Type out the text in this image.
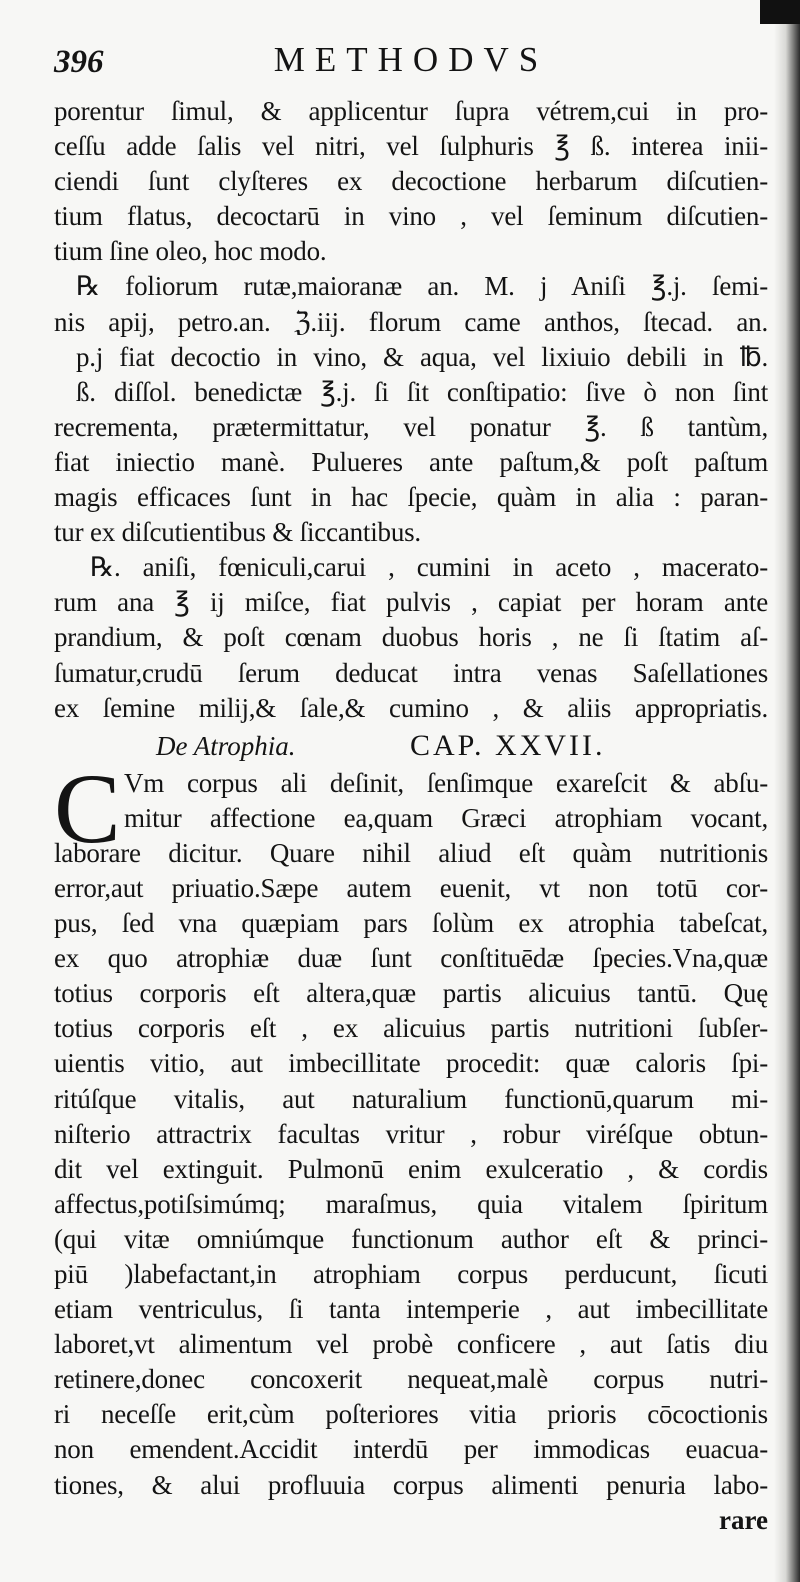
396	METHODVS
porentur ſimul, & applicentur ſupra vétrem,cui in pro-
ceſſu adde ſalis vel nitri, vel ſulphuris ℥ ß. interea inii-
ciendi ſunt clyſteres ex decoctione herbarum diſcutien-
tium flatus, decoctarū in vino , vel ſeminum diſcutien-
tium ſine oleo, hoc modo.
℞ foliorum rutæ,maioranæ an. M. j Aniſi ℥.j. ſemi-
nis apij, petro.an. ℨ.iij. florum came anthos, ſtecad. an.
p.j fiat decoctio in vino, & aqua, vel lixiuio debili in ℔.
ß. diſſol. benedictæ ℥.j. ſi ſit conſtipatio: ſive ò non ſint
recrementa, prætermittatur, vel ponatur ℥. ß tantùm,
fiat iniectio manè. Pulueres ante paſtum,& poſt paſtum
magis efficaces ſunt in hac ſpecie, quàm in alia : paran-
tur ex diſcutientibus & ſiccantibus.
℞. aniſi, fœniculi,carui , cumini in aceto , macerato-
rum ana ℥ ij miſce, fiat pulvis , capiat per horam ante
prandium, & poſt cœnam duobus horis , ne ſi ſtatim aſ-
ſumatur,crudū ſerum deducat intra venas Saſellationes
ex ſemine milij,& ſale,& cumino , & aliis appropriatis.
De Atrophia.	CAP. XXVII.
C Vm corpus ali deſinit, ſenſimque exareſcit & abſu-
mitur affectione ea,quam Græci atrophiam vocant,
laborare dicitur. Quare nihil aliud eſt quàm nutritionis
error,aut priuatio.Sæpe autem euenit, vt non totū cor-
pus, ſed vna quæpiam pars ſolùm ex atrophia tabeſcat,
ex quo atrophiæ duæ ſunt conſtituēdæ ſpecies.Vna,quæ
totius corporis eſt altera,quæ partis alicuius tantū. Quę
totius corporis eſt , ex alicuius partis nutritioni ſubſer-
uientis vitio, aut imbecillitate procedit: quæ caloris ſpi-
ritúſque vitalis, aut naturalium functionū,quarum mi-
niſterio attractrix facultas vritur , robur viréſque obtun-
dit vel extinguit. Pulmonū enim exulceratio , & cordis
affectus,potiſsimúmq; maraſmus, quia vitalem ſpiritum
(qui vitæ omniúmque functionum author eſt & princi-
piū )labefactant,in atrophiam corpus perducunt, ſicuti
etiam ventriculus, ſi tanta intemperie , aut imbecillitate
laboret,vt alimentum vel probè conficere , aut ſatis diu
retinere,donec concoxerit nequeat,malè corpus nutri-
ri neceſſe erit,cùm poſteriores vitia prioris cōcoctionis
non emendent.Accidit interdū per immodicas euacua-
tiones, & alui profluuia corpus alimenti penuria labo-
rare
